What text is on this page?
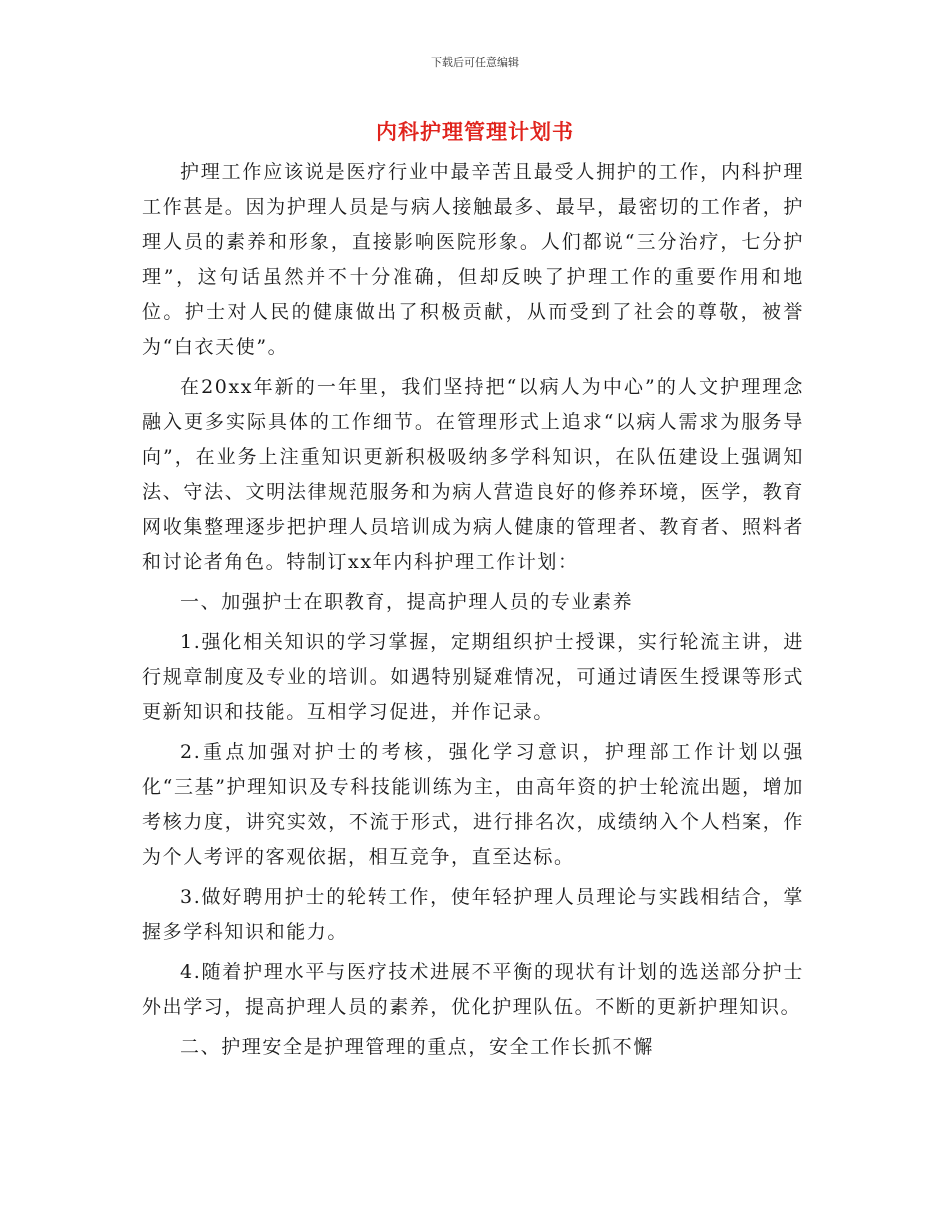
下载后可任意编辑
内科护理管理计划书

护理工作应该说是医疗行业中最辛苦且最受人拥护的工作，内科护理工作甚是。因为护理人员是与病人接触最多、最早，最密切的工作者，护理人员的素养和形象，直接影响医院形象。人们都说“三分治疗，七分护理”，这句话虽然并不十分准确，但却反映了护理工作的重要作用和地位。护士对人民的健康做出了积极贡献，从而受到了社会的尊敬，被誉为“白衣天使”。

在20xx年新的一年里，我们坚持把“以病人为中心”的人文护理理念融入更多实际具体的工作细节。在管理形式上追求“以病人需求为服务导向”，在业务上注重知识更新积极吸纳多学科知识，在队伍建设上强调知法、守法、文明法律规范服务和为病人营造良好的修养环境，医学，教育网收集整理逐步把护理人员培训成为病人健康的管理者、教育者、照料者和讨论者角色。特制订xx年内科护理工作计划：

一、加强护士在职教育，提高护理人员的专业素养

1.强化相关知识的学习掌握，定期组织护士授课，实行轮流主讲，进行规章制度及专业的培训。如遇特别疑难情况，可通过请医生授课等形式更新知识和技能。互相学习促进，并作记录。

2.重点加强对护士的考核，强化学习意识，护理部工作计划以强化“三基”护理知识及专科技能训练为主，由高年资的护士轮流出题，增加考核力度，讲究实效，不流于形式，进行排名次，成绩纳入个人档案，作为个人考评的客观依据，相互竞争，直至达标。

3.做好聘用护士的轮转工作，使年轻护理人员理论与实践相结合，掌握多学科知识和能力。

4.随着护理水平与医疗技术进展不平衡的现状有计划的选送部分护士外出学习，提高护理人员的素养，优化护理队伍。不断的更新护理知识。

二、护理安全是护理管理的重点，安全工作长抓不懈
